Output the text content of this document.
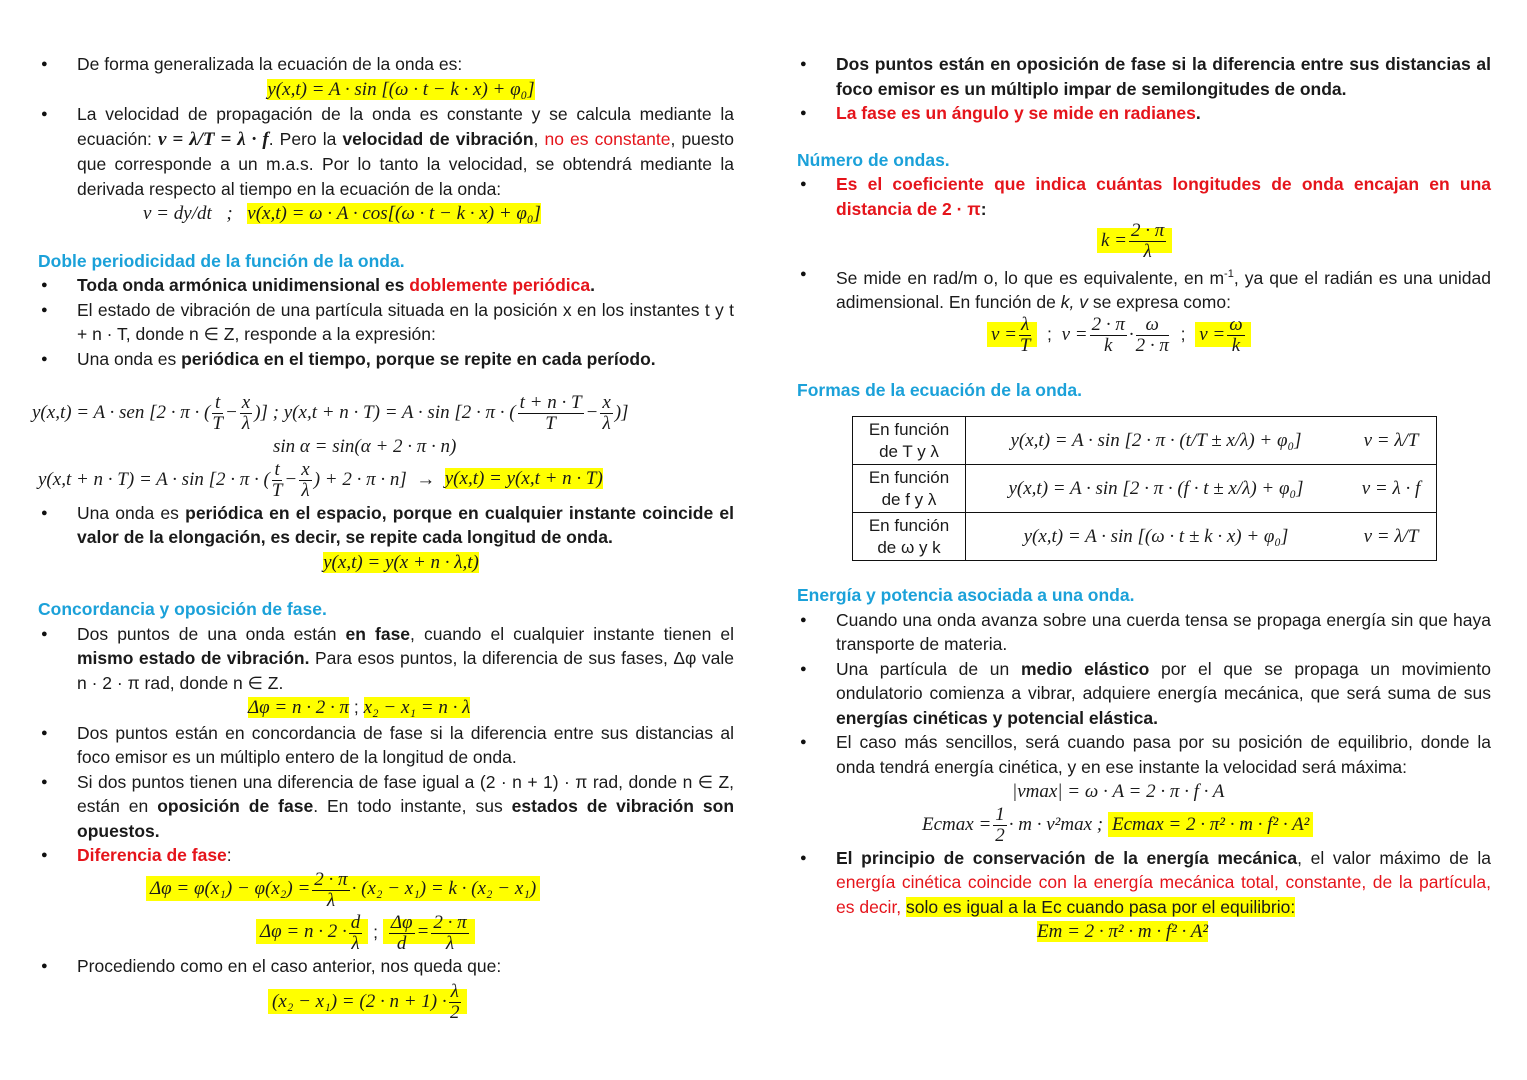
● De forma generalizada la ecuación de la onda es:
y(x,t) = A · sin [(ω · t − k · x) + φ₀]
● La velocidad de propagación de la onda es constante y se calcula mediante la ecuación: v = λ/T = λ · f. Pero la velocidad de vibración, no es constante, puesto que corresponde a un m.a.s. Por lo tanto la velocidad, se obtendrá mediante la derivada respecto al tiempo en la ecuación de la onda:
v = dy/dt ; v(x,t) = ω · A · cos[(ω · t − k · x) + φ₀]
Doble periodicidad de la función de la onda.
● Toda onda armónica unidimensional es doblemente periódica.
● El estado de vibración de una partícula situada en la posición x en los instantes t y t + n · T, donde n ∈ Z, responde a la expresión:
● Una onda es periódica en el tiempo, porque se repite en cada período.
y(x,t) = A · sen [2 · π · ( $\frac{t}{T} - \frac{x}{\lambda}$ )] ; y(x,t + n · T) = A · sin [2 · π · ( $\frac{t + n \cdot T}{T} - \frac{x}{\lambda}$ )]
sin α = sin(α + 2 · π · n)
y(x,t + n · T) = A · sin [2 · π · ( $\frac{t}{T} - \frac{x}{\lambda}$ ) + 2 · π · n] → y(x,t) = y(x,t + n · T)
● Una onda es periódica en el espacio, porque en cualquier instante coincide el valor de la elongación, es decir, se repite cada longitud de onda.
y(x,t) = y(x + n · λ,t)
Concordancia y oposición de fase.
● Dos puntos de una onda están en fase, cuando el cualquier instante tienen el mismo estado de vibración. Para esos puntos, la diferencia de sus fases, Δφ vale n · 2 · π rad, donde n ∈ Z.
Δφ = n · 2 · π ; x₂ − x₁ = n · λ
● Dos puntos están en concordancia de fase si la diferencia entre sus distancias al foco emisor es un múltiplo entero de la longitud de onda.
● Si dos puntos tienen una diferencia de fase igual a (2 · n + 1) · π rad, donde n ∈ Z, están en oposición de fase. En todo instante, sus estados de vibración son opuestos.
● Diferencia de fase:
$\Delta\varphi = \varphi(x_1) - \varphi(x_2) = \frac{2 \cdot \pi}{\lambda} \cdot (x_2 - x_1) = k \cdot (x_2 - x_1)$
$\Delta\varphi = n \cdot 2 \cdot \frac{d}{\lambda}$ ; $\frac{\Delta\varphi}{d} = \frac{2 \cdot \pi}{\lambda}$
● Procediendo como en el caso anterior, nos queda que:
$(x_2 - x_1) = (2 \cdot n + 1) \cdot \frac{\lambda}{2}$
● Dos puntos están en oposición de fase si la diferencia entre sus distancias al foco emisor es un múltiplo impar de semilongitudes de onda.
● La fase es un ángulo y se mide en radianes.
Número de ondas.
● Es el coeficiente que indica cuántas longitudes de onda encajan en una distancia de 2 · π:
$k = \frac{2 \cdot \pi}{\lambda}$
● Se mide en rad/m o, lo que es equivalente, en $m^{-1}$, ya que el radián es una unidad adimensional. En función de k, v se expresa como:
$v = \frac{\lambda}{T}$ ;  $v = \frac{2 \cdot \pi}{k} \cdot \frac{\omega}{2 \cdot \pi}$ ;  $v = \frac{\omega}{k}$
Formas de la ecuación de la onda.
En función
de T y λ	y(x,t) = A · sin [2 · π · (t/T ± x/λ) + φ₀]	v = λ/T
En función
de f y λ	y(x,t) = A · sin [2 · π · (f · t ± x/λ) + φ₀]	v = λ · f
En función
de ω y k	y(x,t) = A · sin [(ω · t ± k · x) + φ₀]	v = λ/T
Energía y potencia asociada a una onda.
● Cuando una onda avanza sobre una cuerda tensa se propaga energía sin que haya transporte de materia.
● Una partícula de un medio elástico por el que se propaga un movimiento ondulatorio comienza a vibrar, adquiere energía mecánica, que será suma de sus energías cinéticas y potencial elástica.
● El caso más sencillos, será cuando pasa por su posición de equilibrio, donde la onda tendrá energía cinética, y en ese instante la velocidad será máxima:
|vmax| = ω · A = 2 · π · f · A
$Ecmax = \frac{1}{2} \cdot m \cdot v^2\max$ ; Ecmax = 2 · π² · m · f² · A²
● El principio de conservación de la energía mecánica, el valor máximo de la energía cinética coincide con la energía mecánica total, constante, de la partícula, es decir, solo es igual a la Ec cuando pasa por el equilibrio:
Em = 2 · π² · m · f² · A²
